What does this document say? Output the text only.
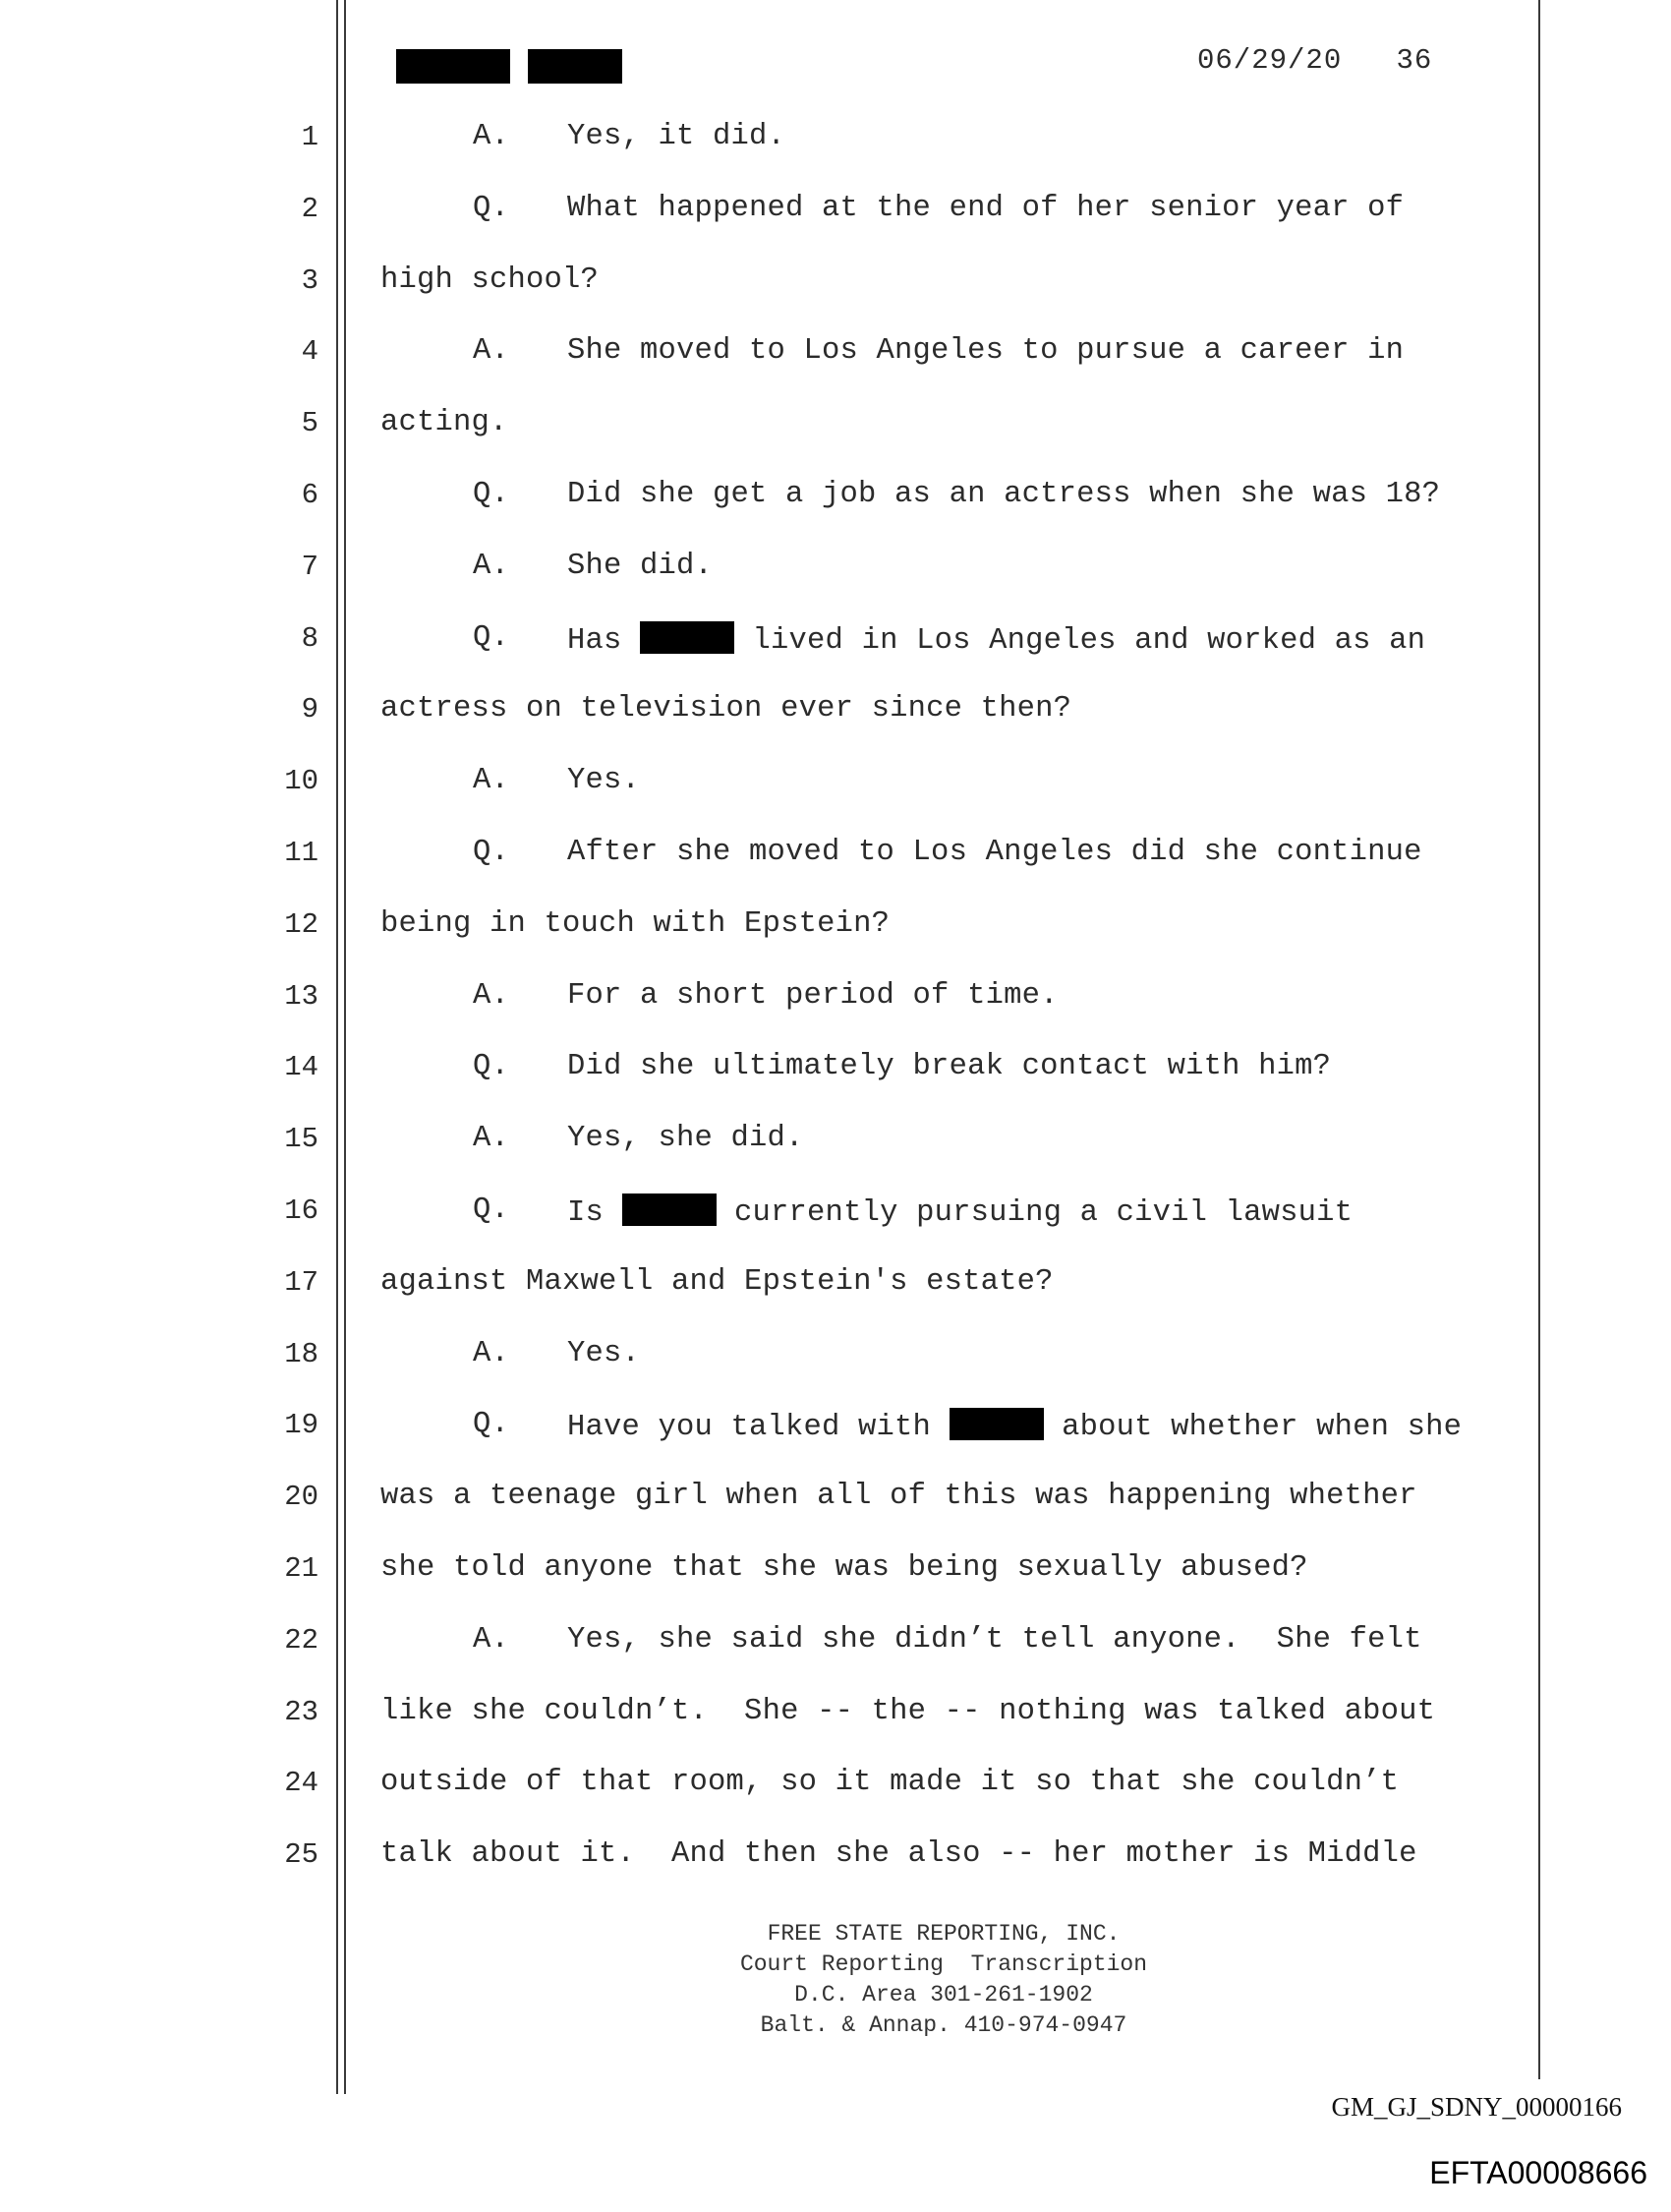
06/29/20 36
1	A. Yes, it did.
2	Q. What happened at the end of her senior year of
3 high school?
4	A. She moved to Los Angeles to pursue a career in
5 acting.
6	Q. Did she get a job as an actress when she was 18?
7	A. She did.
8	Q. Has	lived in Los Angeles and worked as an
9 actress on television ever since then?
10	A. Yes.
11	Q. After she moved to Los Angeles did she continue
12 being in touch with Epstein?
13	A. For a short period of time.
14	Q. Did she ultimately break contact with him?
15	A. Yes, she did.
16	Q. Is	currently pursuing a civil lawsuit
17 against Maxwell and Epstein's estate?
18	A. Yes.
19	Q. Have you talked with	about whether when she
20 was a teenage girl when all of this was happening whether
21 she told anyone that she was being sexually abused?
22	A. Yes, she said she didn’t tell anyone.  She felt
23 like she couldn’t.  She -- the -- nothing was talked about
24 outside of that room, so it made it so that she couldn’t
25 talk about it.  And then she also -- her mother is Middle
FREE STATE REPORTING, INC.
Court Reporting  Transcription
D.C. Area 301-261-1902
Balt. & Annap. 410-974-0947
GM_GJ_SDNY_00000166
EFTA00008666
